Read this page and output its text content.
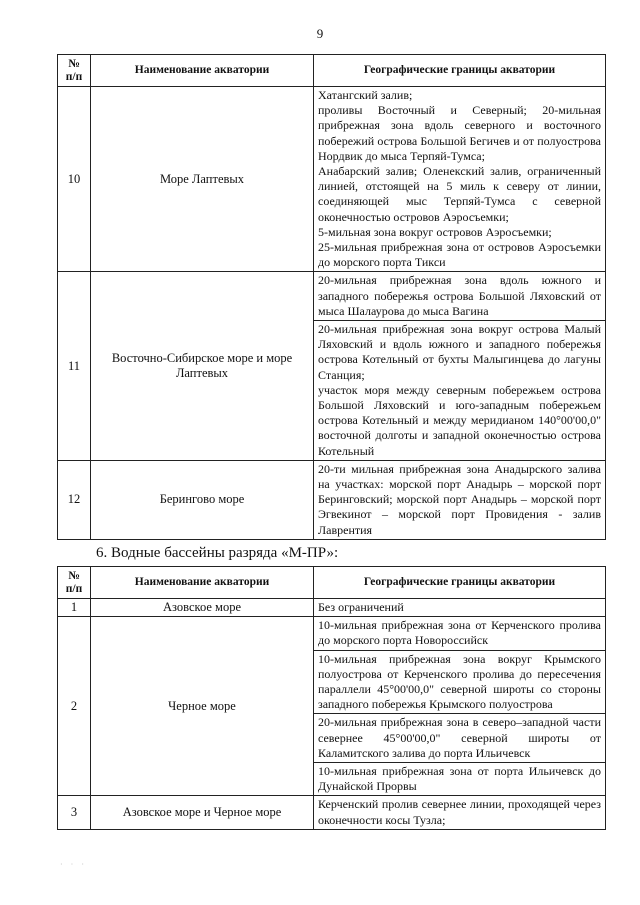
9
№
п/п	Наименование акватории	Географические границы акватории
10	Море Лаптевых	Хатангский залив;
проливы Восточный и Северный; 20-мильная прибрежная зона вдоль северного и восточного побережий острова Большой Бегичев и от полуострова Нордвик до мыса Терпяй-Тумса;
Анабарский залив; Оленекский залив, ограниченный линией, отстоящей на 5 миль к северу от линии, соединяющей мыс Терпяй-Тумса с северной оконечностью островов Аэросъемки;
5-мильная зона вокруг островов Аэросъемки;
25-мильная прибрежная зона от островов Аэросъемки до морского порта Тикси

11	Восточно-Сибирское море и море Лаптевых	20-мильная прибрежная зона вдоль южного и западного побережья острова Большой Ляховский от мыса Шалаурова до мыса Вагина

		20-мильная прибрежная зона вокруг острова Малый Ляховский и вдоль южного и западного побережья острова Котельный от бухты Малыгинцева до лагуны Станция;
участок моря между северным побережьем острова Большой Ляховский и юго-западным побережьем острова Котельный и между меридианом 140°00'00,0" восточной долготы и западной оконечностью острова Котельный

12	Берингово море	20-ти мильная прибрежная зона Анадырского залива на участках: морской порт Анадырь – морской порт Беринговский; морской порт Анадырь – морской порт Эгвекинот – морской порт Провидения - залив Лаврентия
6. Водные бассейны разряда «М-ПР»:
№
п/п	Наименование акватории	Географические границы акватории
1	Азовское море	Без ограничений

2	Черное море	10-мильная прибрежная зона от Керченского пролива до морского порта Новороссийск

		10-мильная прибрежная зона вокруг Крымского полуострова от Керченского пролива до пересечения параллели 45°00'00,0" северной широты со стороны западного побережья Крымского полуострова

		20-мильная прибрежная зона в северо–западной части севернее 45°00'00,0" северной широты от Каламитского залива до порта Ильичевск

		10-мильная прибрежная зона от порта Ильичевск до Дунайской Прорвы

3	Азовское море и Черное море	Керченский пролив севернее линии, проходящей через оконечности косы Тузла;
· · ·
